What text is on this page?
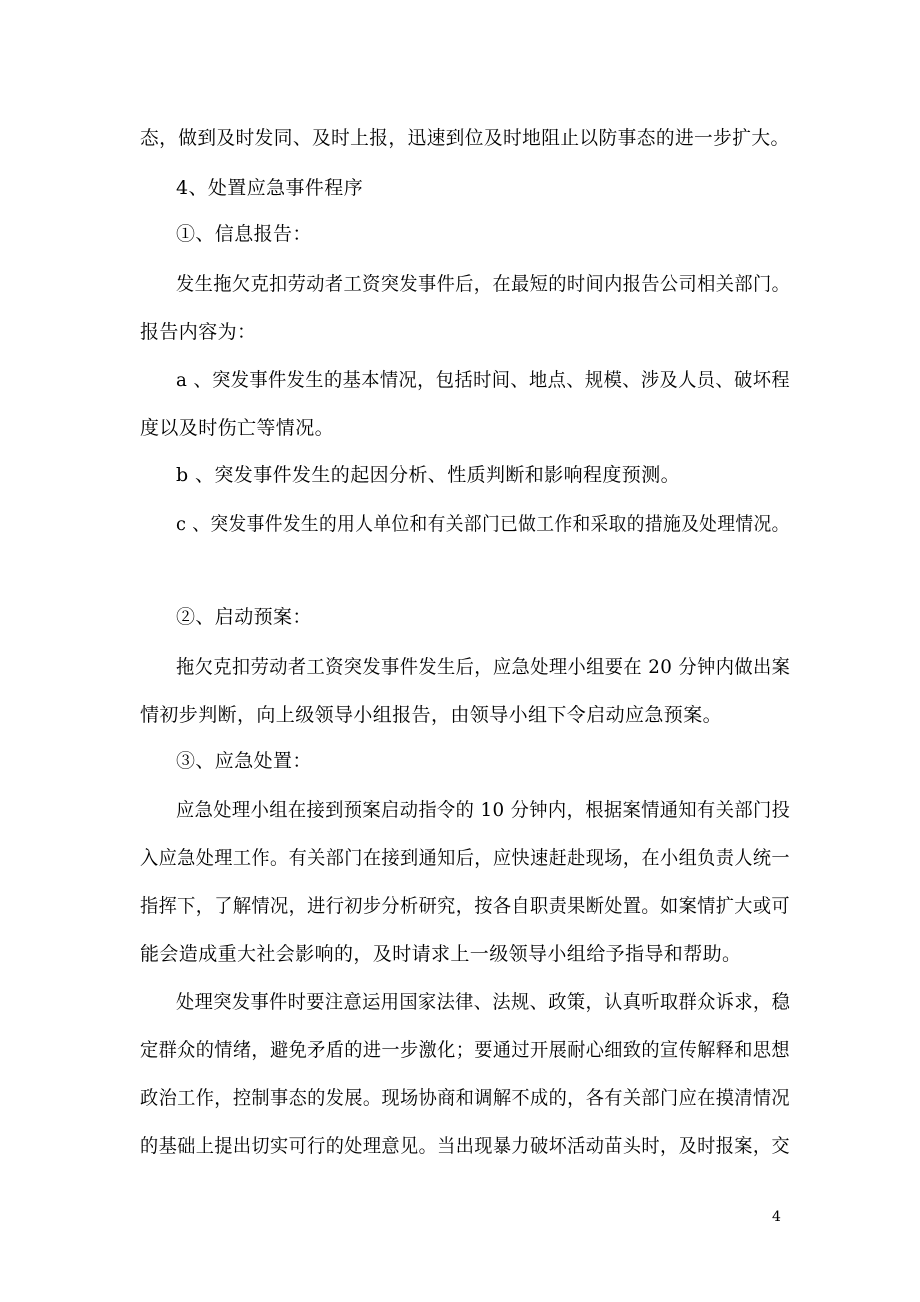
态，做到及时发同、及时上报，迅速到位及时地阻止以防事态的进一步扩大。

4、处置应急事件程序

①、信息报告：

发生拖欠克扣劳动者工资突发事件后，在最短的时间内报告公司相关部门。

报告内容为：

a 、突发事件发生的基本情况，包括时间、地点、规模、涉及人员、破坏程

度以及时伤亡等情况。

b 、突发事件发生的起因分析、性质判断和影响程度预测。

c 、突发事件发生的用人单位和有关部门已做工作和采取的措施及处理情况。

②、启动预案：

拖欠克扣劳动者工资突发事件发生后，应急处理小组要在 20 分钟内做出案

情初步判断，向上级领导小组报告，由领导小组下令启动应急预案。

③、应急处置：

应急处理小组在接到预案启动指令的 10 分钟内，根据案情通知有关部门投

入应急处理工作。有关部门在接到通知后，应快速赶赴现场，在小组负责人统一

指挥下，了解情况，进行初步分析研究，按各自职责果断处置。如案情扩大或可

能会造成重大社会影响的，及时请求上一级领导小组给予指导和帮助。

处理突发事件时要注意运用国家法律、法规、政策，认真听取群众诉求，稳

定群众的情绪，避免矛盾的进一步激化；要通过开展耐心细致的宣传解释和思想

政治工作，控制事态的发展。现场协商和调解不成的，各有关部门应在摸清情况

的基础上提出切实可行的处理意见。当出现暴力破坏活动苗头时，及时报案，交

4
